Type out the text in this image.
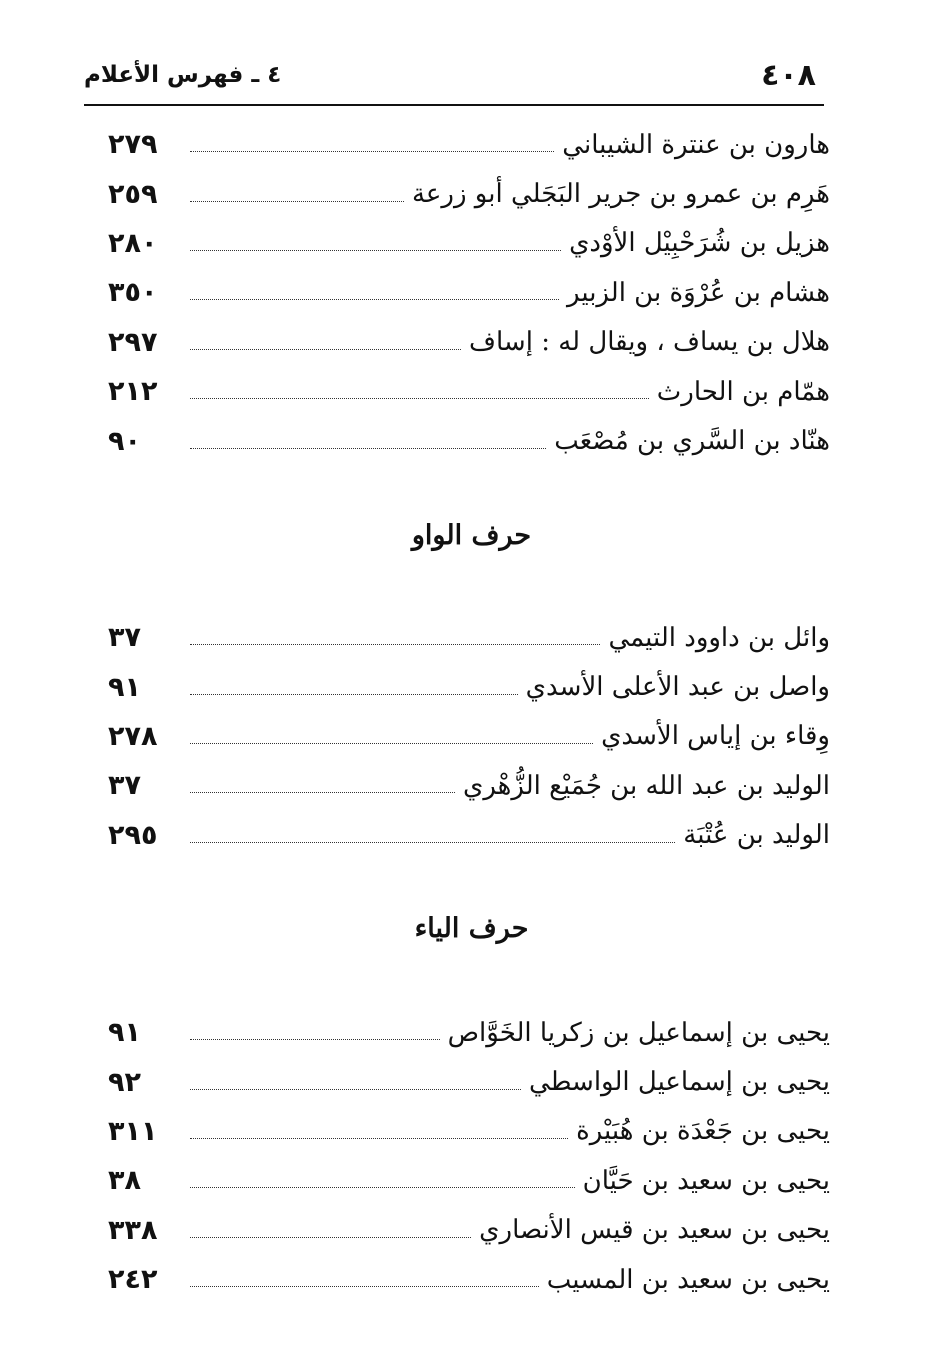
٤ ـ فهرس الأعلام	٤٠٨
هارون بن عنترة الشيباني
٢٧٩
هَرِم بن عمرو بن جرير البَجَلي أبو زرعة
٢٥٩
هزيل بن شُرَحْبِيْل الأوْدي
٢٨٠
هشام بن عُرْوَة بن الزبير
٣٥٠
هلال بن يساف ، ويقال له : إساف
٢٩٧
همّام بن الحارث
٢١٢
هنّاد بن السَّري بن مُصْعَب
٩٠
حرف الواو
وائل بن داوود التيمي
٣٧
واصل بن عبد الأعلى الأسدي
٩١
وِقاء بن إياس الأسدي
٢٧٨
الوليد بن عبد الله بن جُمَيْع الزُّهْري
٣٧
الوليد بن عُتْبَة
٢٩٥
حرف الياء
يحيى بن إسماعيل بن زكريا الخَوَّاص
٩١
يحيى بن إسماعيل الواسطي
٩٢
يحيى بن جَعْدَة بن هُبَيْرة
٣١١
يحيى بن سعيد بن حَيَّان
٣٨
يحيى بن سعيد بن قيس الأنصاري
٣٣٨
يحيى بن سعيد بن المسيب
٢٤٢
